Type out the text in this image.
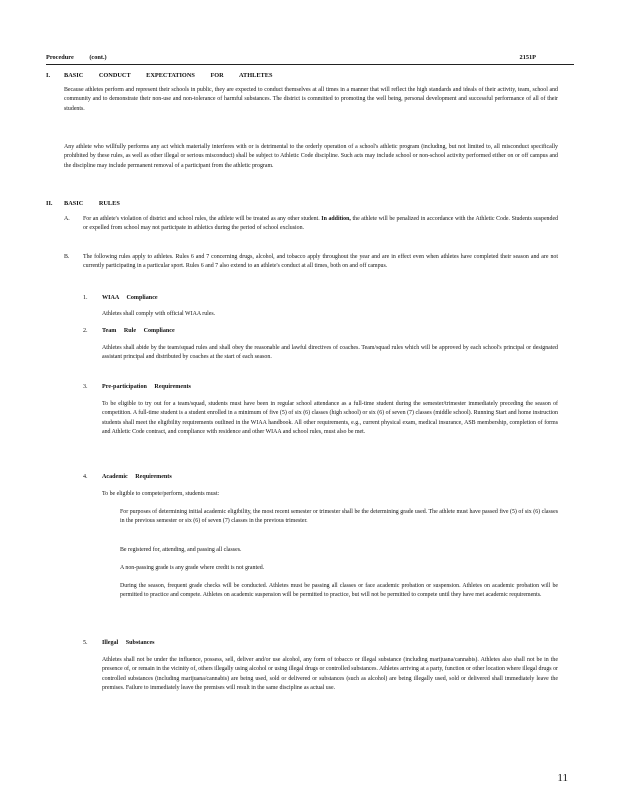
Procedure (cont.)	2151P
I. BASIC CONDUCT EXPECTATIONS FOR ATHLETES
Because athletes perform and represent their schools in public, they are expected to conduct themselves at all times in a manner that will reflect the high standards and ideals of their activity, team, school and community and to demonstrate their non-use and non-tolerance of harmful substances. The district is committed to promoting the well being, personal development and successful performance of all of their students.
Any athlete who willfully performs any act which materially interferes with or is detrimental to the orderly operation of a school's athletic program (including, but not limited to, all misconduct specifically prohibited by these rules, as well as other illegal or serious misconduct) shall be subject to Athletic Code discipline. Such acts may include school or non-school activity performed either on or off campus and the discipline may include permanent removal of a participant from the athletic program.
II. BASIC RULES
A. For an athlete's violation of district and school rules, the athlete will be treated as any other student. In addition, the athlete will be penalized in accordance with the Athletic Code. Students suspended or expelled from school may not participate in athletics during the period of school exclusion.
B. The following rules apply to athletes. Rules 6 and 7 concerning drugs, alcohol, and tobacco apply throughout the year and are in effect even when athletes have completed their season and are not currently participating in a particular sport. Rules 6 and 7 also extend to an athlete's conduct at all times, both on and off campus.
1. WIAA Compliance
Athletes shall comply with official WIAA rules.
2. Team Rule Compliance
Athletes shall abide by the team/squad rules and shall obey the reasonable and lawful directives of coaches. Team/squad rules which will be approved by each school's principal or designated assistant principal and distributed by coaches at the start of each season.
3. Pre-participation Requirements
To be eligible to try out for a team/squad, students must have been in regular school attendance as a full-time student during the semester/trimester immediately preceding the season of competition. A full-time student is a student enrolled in a minimum of five (5) of six (6) classes (high school) or six (6) of seven (7) classes (middle school). Running Start and home instruction students shall meet the eligibility requirements outlined in the WIAA handbook. All other requirements, e.g., current physical exam, medical insurance, ASB membership, completion of forms and Athletic Code contract, and compliance with residence and other WIAA and school rules, must also be met.
4. Academic Requirements
To be eligible to compete/perform, students must:
For purposes of determining initial academic eligibility, the most recent semester or trimester shall be the determining grade used. The athlete must have passed five (5) of six (6) classes in the previous semester or six (6) of seven (7) classes in the previous trimester.
Be registered for, attending, and passing all classes.
A non-passing grade is any grade where credit is not granted.
During the season, frequent grade checks will be conducted. Athletes must be passing all classes or face academic probation or suspension. Athletes on academic probation will be permitted to practice and compete. Athletes on academic suspension will be permitted to practice, but will not be permitted to compete until they have met academic requirements.
5. Illegal Substances
Athletes shall not be under the influence, possess, sell, deliver and/or use alcohol, any form of tobacco or illegal substance (including marijuana/cannabis). Athletes also shall not be in the presence of, or remain in the vicinity of, others illegally using alcohol or using illegal drugs or controlled substances. Athletes arriving at a party, function or other location where illegal drugs or controlled substances (including marijuana/cannabis) are being used, sold or delivered or substances (such as alcohol) are being illegally used, sold or delivered shall immediately leave the premises. Failure to immediately leave the premises will result in the same discipline as actual use.
11
